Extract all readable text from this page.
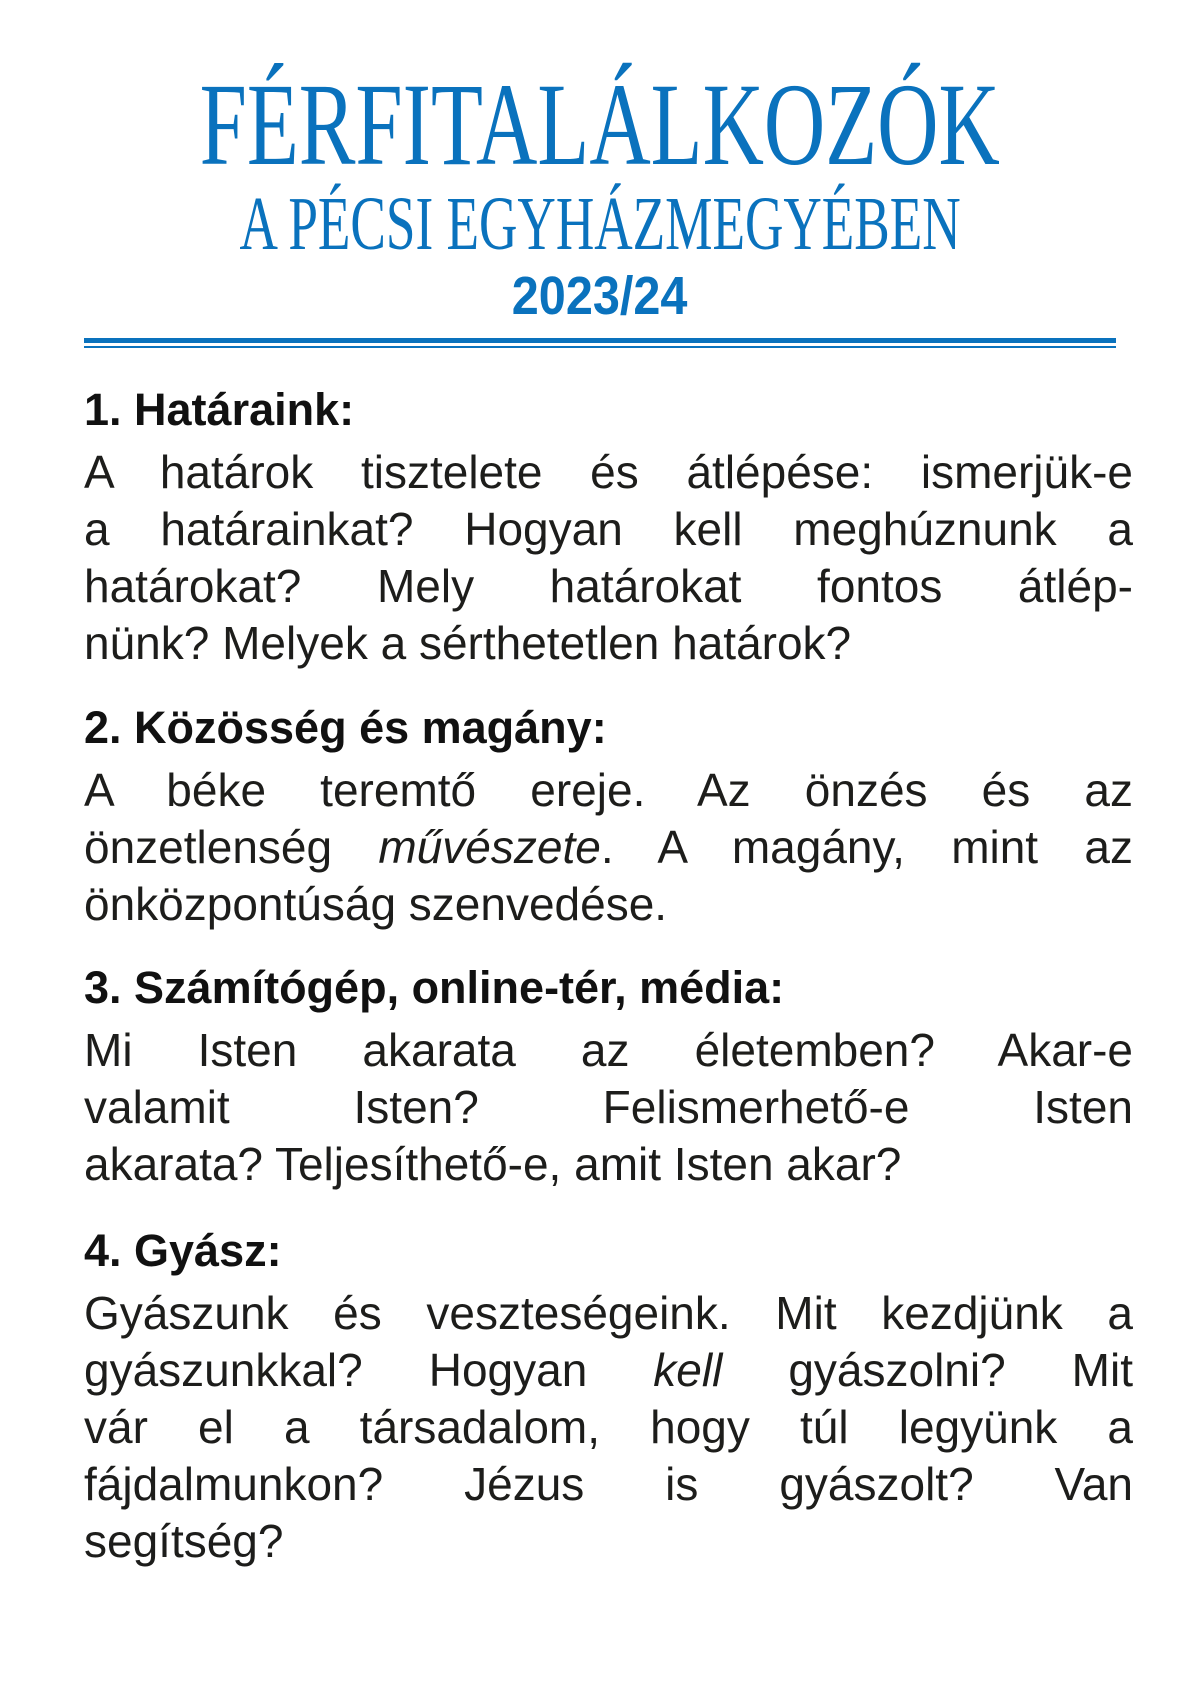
FÉRFITALÁLKOZÓK
A PÉCSI EGYHÁZMEGYÉBEN
2023/24
1. Határaink:
A határok tisztelete és átlépése: ismerjük-e
a határainkat? Hogyan kell meghúznunk a
határokat? Mely határokat fontos átlép-
nünk? Melyek a sérthetetlen határok?
2. Közösség és magány:
A béke teremtő ereje. Az önzés és az
önzetlenség művészete. A magány, mint az
önközpontúság szenvedése.
3. Számítógép, online-tér, média:
Mi Isten akarata az életemben? Akar-e
valamit Isten? Felismerhető-e Isten
akarata? Teljesíthető-e, amit Isten akar?
4. Gyász:
Gyászunk és veszteségeink. Mit kezdjünk a
gyászunkkal? Hogyan kell gyászolni? Mit
vár el a társadalom, hogy túl legyünk a
fájdalmunkon? Jézus is gyászolt? Van
segítség?
